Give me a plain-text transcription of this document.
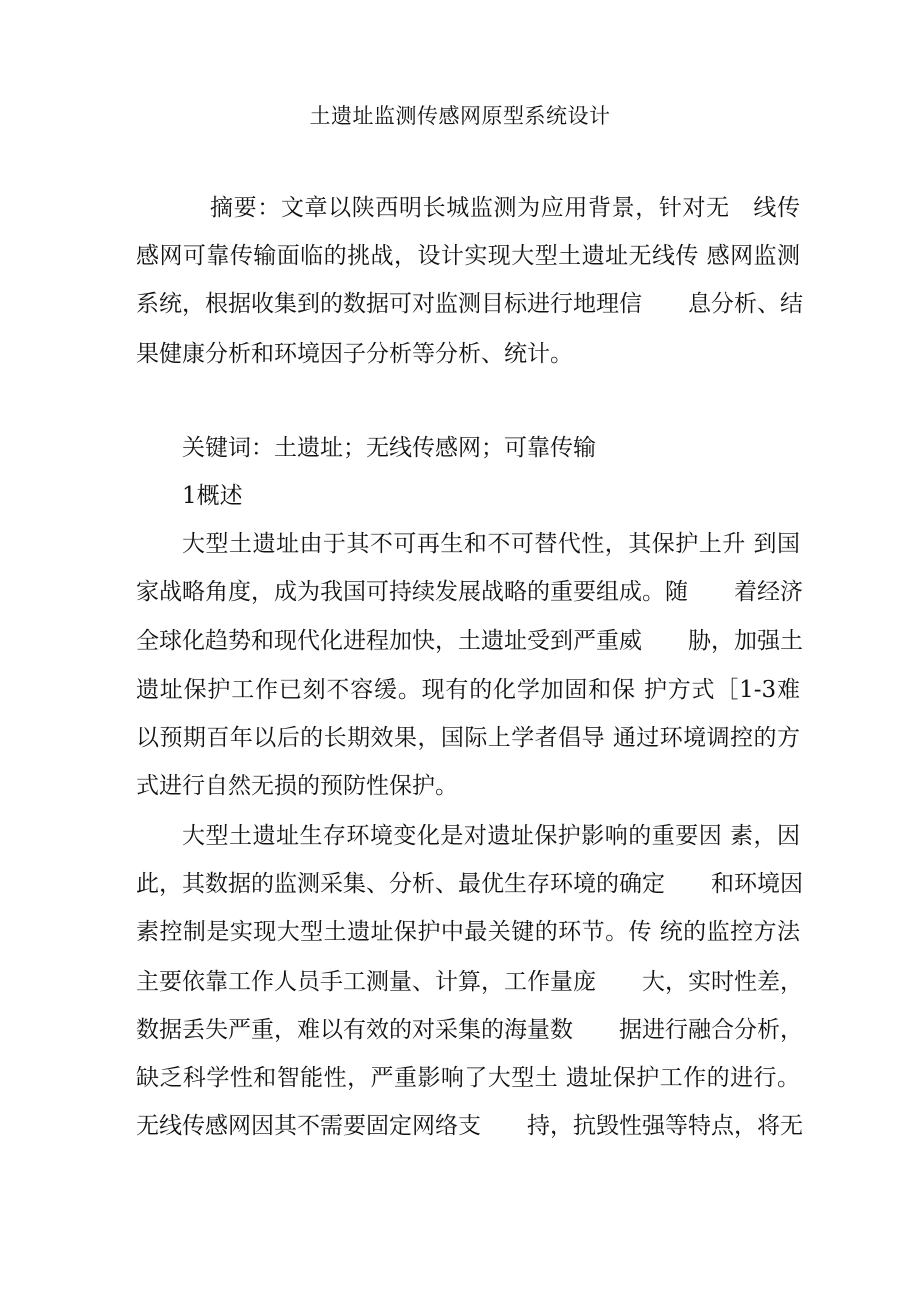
土遗址监测传感网原型系统设计
摘要：文章以陕西明长城监测为应用背景，针对无　线传
感网可靠传输面临的挑战，设计实现大型土遗址无线传 感网监测
系统，根据收集到的数据可对监测目标进行地理信　　息分析、结
果健康分析和环境因子分析等分析、统计。
关键词：土遗址；无线传感网；可靠传输
1概述
大型土遗址由于其不可再生和不可替代性，其保护上升 到国
家战略角度，成为我国可持续发展战略的重要组成。随　　着经济
全球化趋势和现代化进程加快，土遗址受到严重威　　胁，加强土
遗址保护工作已刻不容缓。现有的化学加固和保 护方式［1-3难
以预期百年以后的长期效果，国际上学者倡导 通过环境调控的方
式进行自然无损的预防性保护。
大型土遗址生存环境变化是对遗址保护影响的重要因 素，因
此，其数据的监测采集、分析、最优生存环境的确定　　和环境因
素控制是实现大型土遗址保护中最关键的环节。传 统的监控方法
主要依靠工作人员手工测量、计算，工作量庞　　大，实时性差，
数据丢失严重，难以有效的对采集的海量数　　据进行融合分析，
缺乏科学性和智能性，严重影响了大型土 遗址保护工作的进行。
无线传感网因其不需要固定网络支　　持，抗毁性强等特点，将无
